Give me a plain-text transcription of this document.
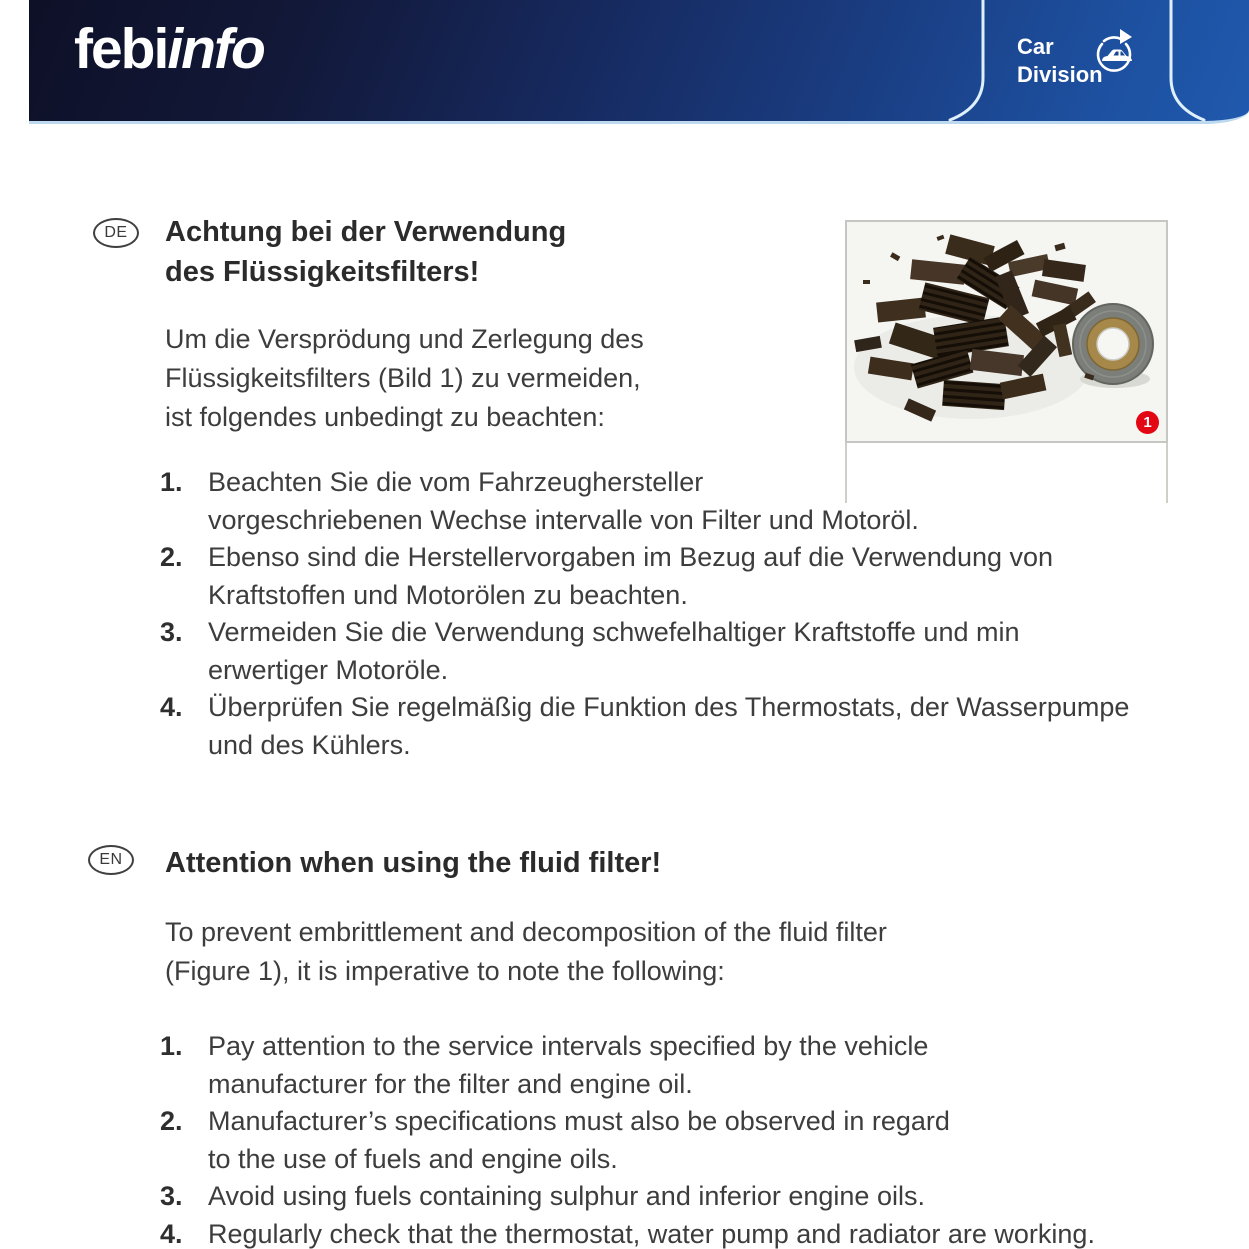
febiinfo	Car
Division
1
DE	Achtung bei der Verwendung
des Flüssigkeitsfilters!
Um die Versprödung und Zerlegung des
Flüssigkeitsfilters (Bild 1) zu vermeiden,
ist folgendes unbedingt zu beachten:
1. Beachten Sie die vom Fahrzeughersteller
vorgeschriebenen Wechse intervalle von Filter und Motoröl.
2. Ebenso sind die Herstellervorgaben im Bezug auf die Verwendung von
Kraftstoffen und Motorölen zu beachten.
3. Vermeiden Sie die Verwendung schwefelhaltiger Kraftstoffe und min
erwertiger Motoröle.
4. Überprüfen Sie regelmäßig die Funktion des Thermostats, der Wasserpumpe
und des Kühlers.
EN	Attention when using the fluid filter!
To prevent embrittlement and decomposition of the fluid filter
(Figure 1), it is imperative to note the following:
1. Pay attention to the service intervals specified by the vehicle
manufacturer for the filter and engine oil.
2. Manufacturer’s specifications must also be observed in regard
to the use of fuels and engine oils.
3. Avoid using fuels containing sulphur and inferior engine oils.
4. Regularly check that the thermostat, water pump and radiator are working.
